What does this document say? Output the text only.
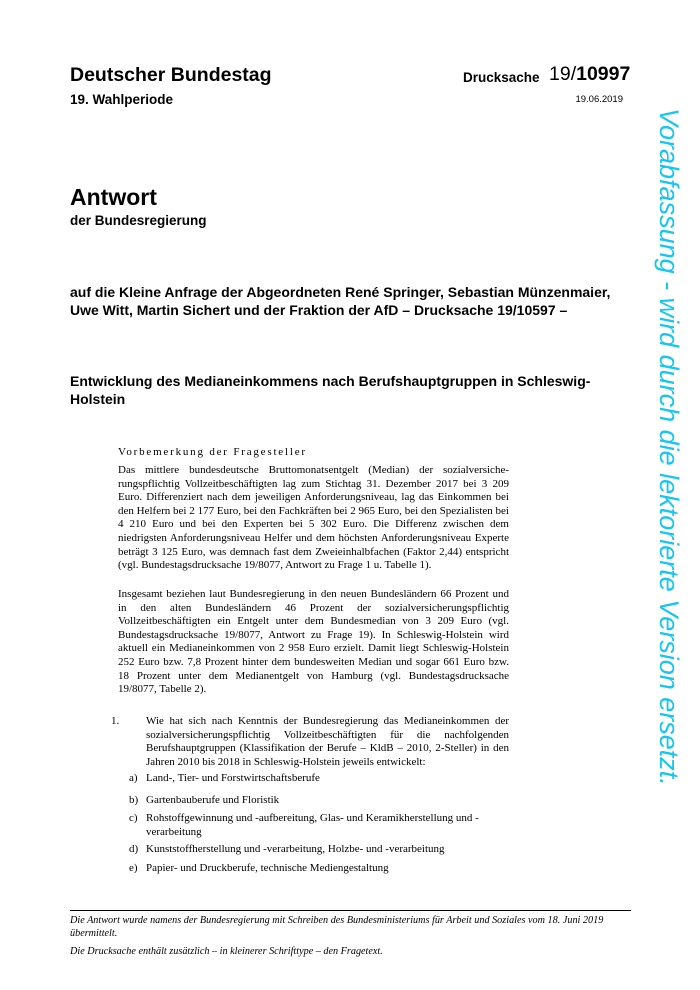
Deutscher Bundestag	Drucksache 19/10997
19. Wahlperiode	19.06.2019
Antwort
der Bundesregierung
auf die Kleine Anfrage der Abgeordneten René Springer, Sebastian Münzenmaier, Uwe Witt, Martin Sichert und der Fraktion der AfD – Drucksache 19/10597 –
Entwicklung des Medianeinkommens nach Berufshauptgruppen in Schleswig-Holstein
Vorbemerkung der Fragesteller
Das mittlere bundesdeutsche Bruttomonatsentgelt (Median) der sozialversicherungspflichtig Vollzeitbeschäftigten lag zum Stichtag 31. Dezember 2017 bei 3 209 Euro. Differenziert nach dem jeweiligen Anforderungsniveau, lag das Einkommen bei den Helfern bei 2 177 Euro, bei den Fachkräften bei 2 965 Euro, bei den Spezialisten bei 4 210 Euro und bei den Experten bei 5 302 Euro. Die Differenz zwischen dem niedrigsten Anforderungsniveau Helfer und dem höchsten Anforderungsniveau Experte beträgt 3 125 Euro, was demnach fast dem Zweieinhalbfachen (Faktor 2,44) entspricht (vgl. Bundestagsdrucksache 19/8077, Antwort zu Frage 1 u. Tabelle 1).
Insgesamt beziehen laut Bundesregierung in den neuen Bundesländern 66 Prozent und in den alten Bundesländern 46 Prozent der sozialversicherungspflichtig Vollzeitbeschäftigten ein Entgelt unter dem Bundesmedian von 3 209 Euro (vgl. Bundestagsdrucksache 19/8077, Antwort zu Frage 19). In Schleswig-Holstein wird aktuell ein Medianeinkommen von 2 958 Euro erzielt. Damit liegt Schleswig-Holstein 252 Euro bzw. 7,8 Prozent hinter dem bundesweiten Median und sogar 661 Euro bzw. 18 Prozent unter dem Medianentgelt von Hamburg (vgl. Bundestagsdrucksache 19/8077, Tabelle 2).
1. Wie hat sich nach Kenntnis der Bundesregierung das Medianeinkommen der sozialversicherungspflichtig Vollzeitbeschäftigten für die nachfolgenden Berufshauptgruppen (Klassifikation der Berufe – KldB – 2010, 2-Steller) in den Jahren 2010 bis 2018 in Schleswig-Holstein jeweils entwickelt:
a) Land-, Tier- und Forstwirtschaftsberufe
b) Gartenbauberufe und Floristik
c) Rohstoffgewinnung und -aufbereitung, Glas- und Keramikherstellung und -verarbeitung
d) Kunststoffherstellung und -verarbeitung, Holzbe- und -verarbeitung
e) Papier- und Druckberufe, technische Mediengestaltung
Die Antwort wurde namens der Bundesregierung mit Schreiben des Bundesministeriums für Arbeit und Soziales vom 18. Juni 2019 übermittelt.
Die Drucksache enthält zusätzlich – in kleinerer Schrifttype – den Fragetext.
Vorabfassung - wird durch die lektorierte Version ersetzt.
